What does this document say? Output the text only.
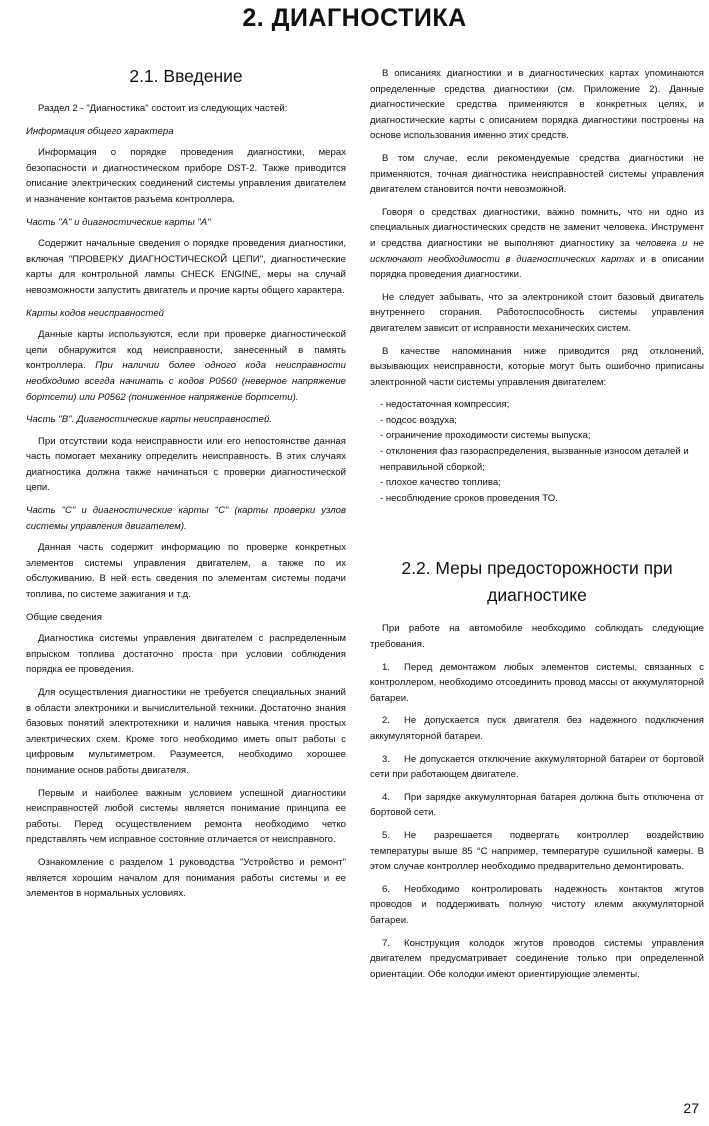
2. ДИАГНОСТИКА
2.1. Введение

Раздел 2 - "Диагностика" состоит из следующих частей:

Информация общего характера

Информация о порядке проведения диагностики, мерах безопасности и диагностическом приборе DST-2. Также приводится описание электрических соединений системы управления двигателем и назначение контактов разъема контроллера.

Часть "А" и диагностические карты "А"

Содержит начальные сведения о порядке проведения диагностики, включая "ПРОВЕРКУ ДИАГНОСТИЧЕСКОЙ ЦЕПИ", диагностические карты для контрольной лампы CHECK ENGINE, меры на случай невозможности запустить двигатель и прочие карты общего характера.

Карты кодов неисправностей

Данные карты используются, если при проверке диагностической цепи обнаружится код неисправности, занесенный в память контроллера. При наличии более одного кода неисправности необходимо всегда начинать с кодов P0560 (неверное напряжение бортсети) или P0562 (пониженное напряжение бортсети).

Часть "В". Диагностические карты неисправностей.

При отсутствии кода неисправности или его непостоянстве данная часть помогает механику определить неисправность. В этих случаях диагностика должна также начинаться с проверки диагностической цепи.

Часть "С" и диагностические карты "С" (карты проверки узлов системы управления двигателем).

Данная часть содержит информацию по проверке конкретных элементов системы управления двигателем, а также по их обслуживанию. В ней есть сведения по элементам системы подачи топлива, по системе зажигания и т.д.

Общие сведения

Диагностика системы управления двигателем с распределенным впрыском топлива достаточно проста при условии соблюдения порядка ее проведения.

Для осуществления диагностики не требуется специальных знаний в области электроники и вычислительной техники. Достаточно знания базовых понятий электротехники и наличия навыка чтения простых электрических схем. Кроме того необходимо иметь опыт работы с цифровым мультиметром. Разумеется, необходимо хорошее понимание основ работы двигателя.

Первым и наиболее важным условием успешной диагностики неисправностей любой системы является понимание принципа ее работы. Перед осуществлением ремонта необходимо четко представлять чем исправное состояние отличается от неисправного.

Ознакомление с разделом 1 руководства "Устройство и ремонт" является хорошим началом для понимания работы системы и ее элементов в нормальных условиях.

В описаниях диагностики и в диагностических картах упоминаются определенные средства диагностики (см. Приложение 2). Данные диагностические средства применяются в конкретных целях, и диагностические карты с описанием порядка диагностики построены на основе использования именно этих средств.

В том случае, если рекомендуемые средства диагностики не применяются, точная диагностика неисправностей системы управления двигателем становится почти невозможной.

Говоря о средствах диагностики, важно помнить, что ни одно из специальных диагностических средств не заменит человека. Инструмент и средства диагностики не выполняют диагностику за человека и не исключают необходимости в диагностических картах и в описании порядка проведения диагностики.

Не следует забывать, что за электроникой стоит базовый двигатель внутреннего сгорания. Работоспособность системы управления двигателем зависит от исправности механических систем.

В качестве напоминания ниже приводится ряд отклонений, вызывающих неисправности, которые могут быть ошибочно приписаны электронной части системы управления двигателем:

- недостаточная компрессия;
- подсос воздуха;
- ограничение проходимости системы выпуска;
- отклонения фаз газораспределения, вызванные износом деталей и неправильной сборкой;
- плохое качество топлива;
- несоблюдение сроков проведения ТО.
2.2. Меры предосторожности при диагностике

При работе на автомобиле необходимо соблюдать следующие требования.

1. Перед демонтажом любых элементов системы, связанных с контроллером, необходимо отсоединить провод массы от аккумуляторной батареи.
2. Не допускается пуск двигателя без надежного подключения аккумуляторной батареи.
3. Не допускается отключение аккумуляторной батареи от бортовой сети при работающем двигателе.
4. При зарядке аккумуляторная батарея должна быть отключена от бортовой сети.
5. Не разрешается подвергать контроллер воздействию температуры выше 85 °С например, температуре сушильной камеры. В этом случае контроллер необходимо предварительно демонтировать.
6. Необходимо контролировать надежность контактов жгутов проводов и поддерживать полную чистоту клемм аккумуляторной батареи.
7. Конструкция колодок жгутов проводов системы управления двигателем предусматривает соединение только при определенной ориентации. Обе колодки имеют ориентирующие элементы.
27
